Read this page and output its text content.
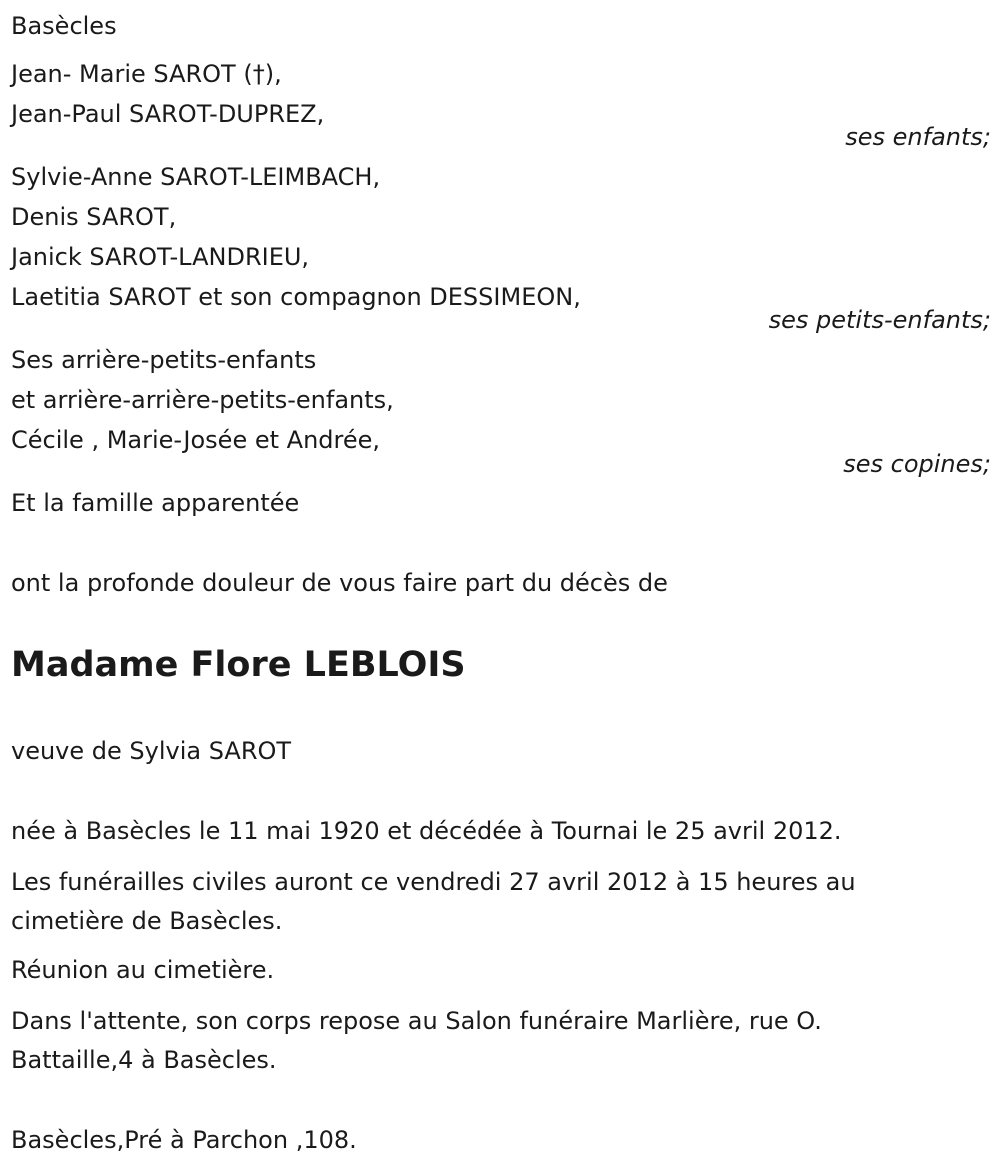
Basècles
Jean- Marie SAROT (†),
Jean-Paul SAROT-DUPREZ,
ses enfants;
Sylvie-Anne SAROT-LEIMBACH,
Denis SAROT,
Janick SAROT-LANDRIEU,
Laetitia SAROT et son compagnon DESSIMEON,
ses petits-enfants;
Ses arrière-petits-enfants
et arrière-arrière-petits-enfants,
Cécile , Marie-Josée et Andrée,
ses copines;
Et la famille apparentée
ont la profonde douleur de vous faire part du décès de
Madame Flore LEBLOIS
veuve de Sylvia SAROT
née à Basècles le 11 mai 1920 et décédée à Tournai le 25 avril 2012.
Les funérailles civiles auront ce vendredi 27 avril 2012 à 15 heures au
cimetière de Basècles.
Réunion au cimetière.
Dans l'attente, son corps repose au Salon funéraire Marlière, rue O.
Battaille,4 à Basècles.
Basècles,Pré à Parchon ,108.
